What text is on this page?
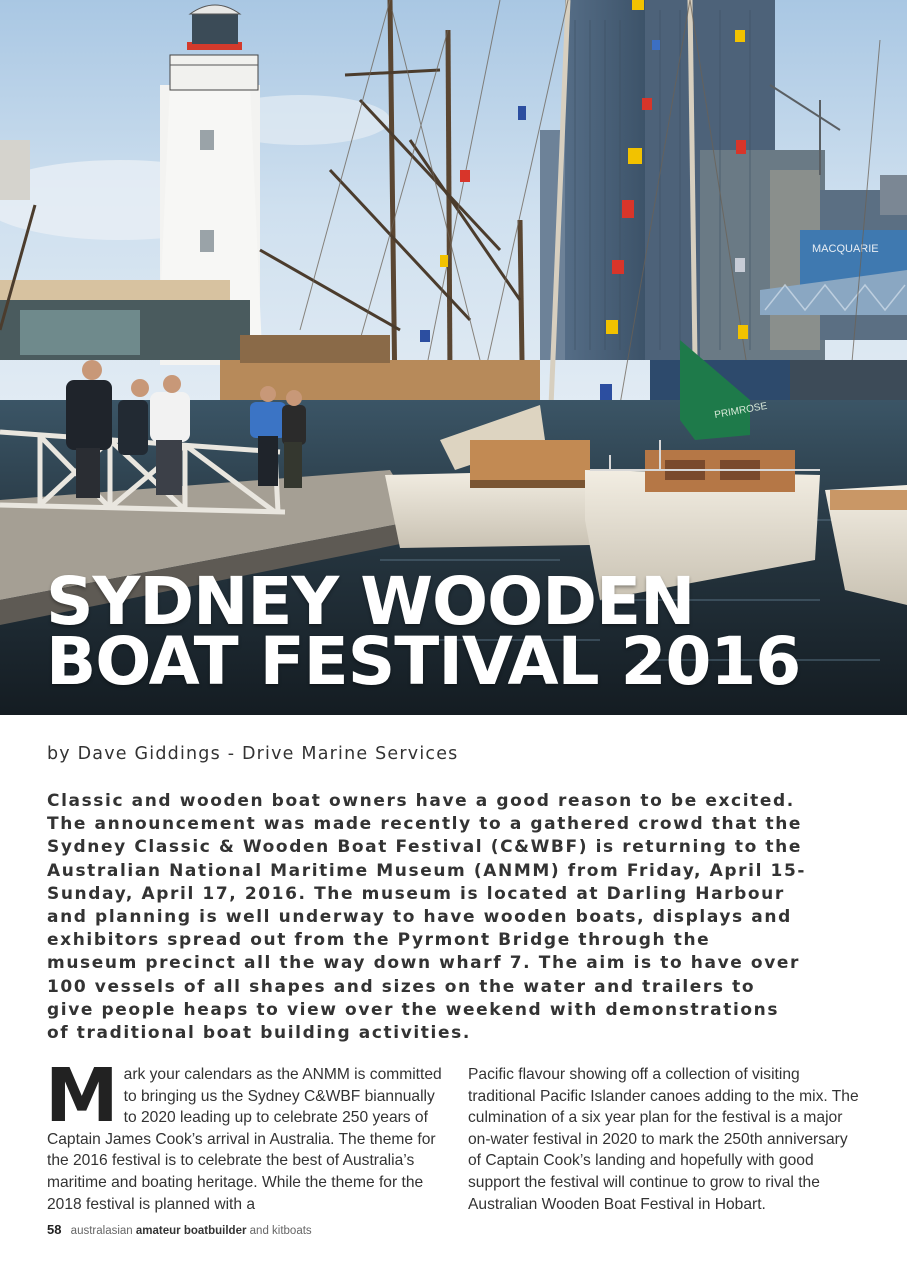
MACQUARIE
PRIMROSE
SYDNEY WOODEN
BOAT FESTIVAL 2016
by Dave Giddings - Drive Marine Services

Classic and wooden boat owners have a good reason to be excited. The announcement was made recently to a gathered crowd that the Sydney Classic & Wooden Boat Festival (C&WBF) is returning to the Australian National Maritime Museum (ANMM) from Friday, April 15-Sunday, April 17, 2016. The museum is located at Darling Harbour and planning is well underway to have wooden boats, displays and exhibitors spread out from the Pyrmont Bridge through the museum precinct all the way down wharf 7. The aim is to have over 100 vessels of all shapes and sizes on the water and trailers to give people heaps to view over the weekend with demonstrations of traditional boat building activities.

M ark your calendars as the ANMM is committed to bringing us the Sydney C&WBF biannually to 2020 leading up to celebrate 250 years of Captain James Cook’s arrival in Australia. The theme for the 2016 festival is to celebrate the best of Australia’s maritime and boating heritage. While the theme for the 2018 festival is planned with a
Pacific flavour showing off a collection of visiting traditional Pacific Islander canoes adding to the mix. The culmination of a six year plan for the festival is a major on-water festival in 2020 to mark the 250th anniversary of Captain Cook’s landing and hopefully with good support the festival will continue to grow to rival the Australian Wooden Boat Festival in Hobart.
58 australasian amateur boatbuilder and kitboats
